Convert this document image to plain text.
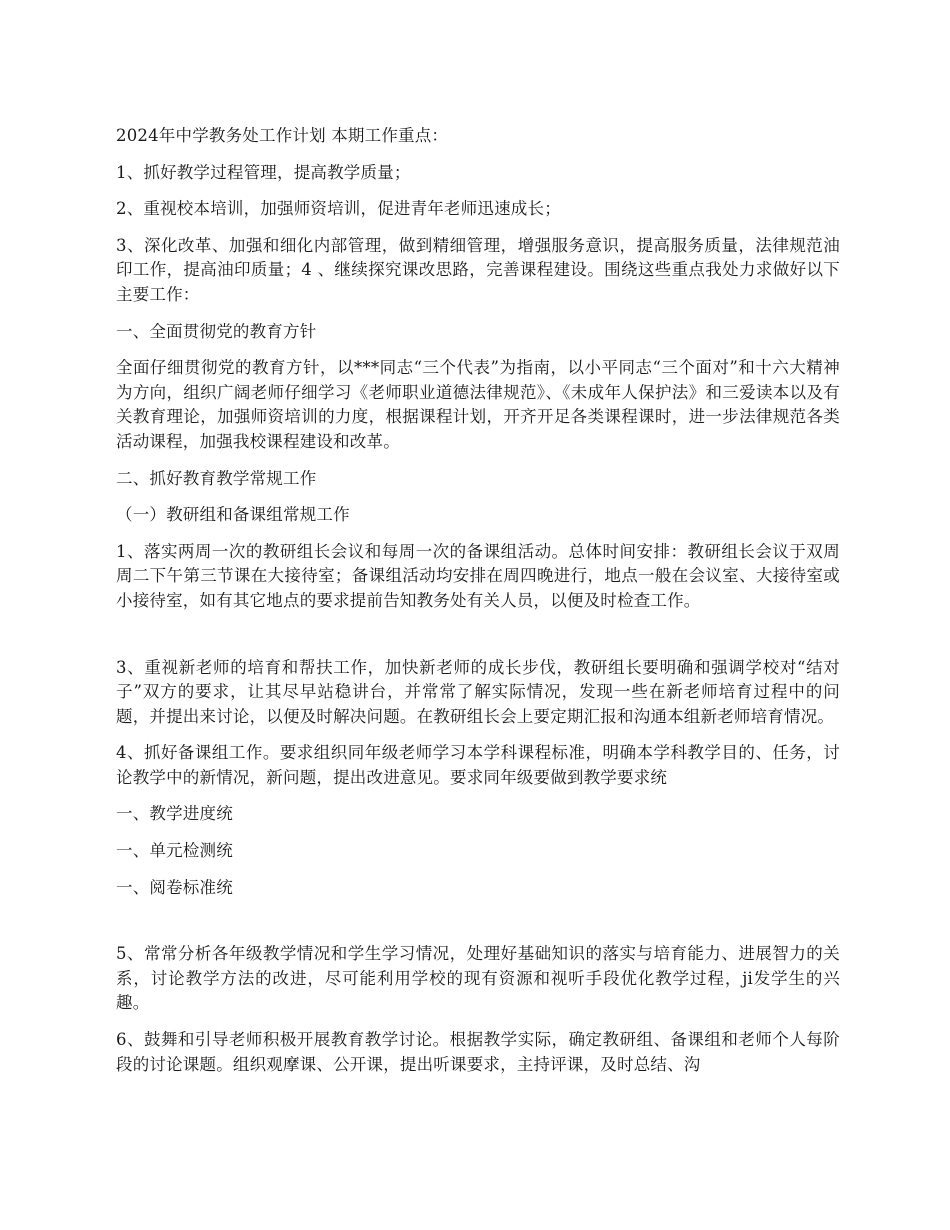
2024年中学教务处工作计划 本期工作重点：

1、抓好教学过程管理，提高教学质量；

2、重视校本培训，加强师资培训，促进青年老师迅速成长；

3、深化改革、加强和细化内部管理，做到精细管理，增强服务意识，提高服务质量，法律规范油印工作，提高油印质量；4 、继续探究课改思路，完善课程建设。围绕这些重点我处力求做好以下主要工作：

一、全面贯彻党的教育方针

全面仔细贯彻党的教育方针，以***同志“三个代表”为指南，以小平同志“三个面对”和十六大精神为方向，组织广阔老师仔细学习《老师职业道德法律规范》、《未成年人保护法》和三爱读本以及有关教育理论，加强师资培训的力度，根据课程计划，开齐开足各类课程课时，进一步法律规范各类活动课程，加强我校课程建设和改革。

二、抓好教育教学常规工作

（一）教研组和备课组常规工作

1、落实两周一次的教研组长会议和每周一次的备课组活动。总体时间安排：教研组长会议于双周周二下午第三节课在大接待室；备课组活动均安排在周四晚进行，地点一般在会议室、大接待室或小接待室，如有其它地点的要求提前告知教务处有关人员，以便及时检查工作。

3、重视新老师的培育和帮扶工作，加快新老师的成长步伐，教研组长要明确和强调学校对“结对子”双方的要求，让其尽早站稳讲台，并常常了解实际情况，发现一些在新老师培育过程中的问题，并提出来讨论，以便及时解决问题。在教研组长会上要定期汇报和沟通本组新老师培育情况。

4、抓好备课组工作。要求组织同年级老师学习本学科课程标准，明确本学科教学目的、任务，讨论教学中的新情况，新问题，提出改进意见。要求同年级要做到教学要求统

一、教学进度统

一、单元检测统

一、阅卷标准统

5、常常分析各年级教学情况和学生学习情况，处理好基础知识的落实与培育能力、进展智力的关系，讨论教学方法的改进，尽可能利用学校的现有资源和视听手段优化教学过程，ji发学生的兴趣。

6、鼓舞和引导老师积极开展教育教学讨论。根据教学实际，确定教研组、备课组和老师个人每阶段的讨论课题。组织观摩课、公开课，提出听课要求，主持评课，及时总结、沟
